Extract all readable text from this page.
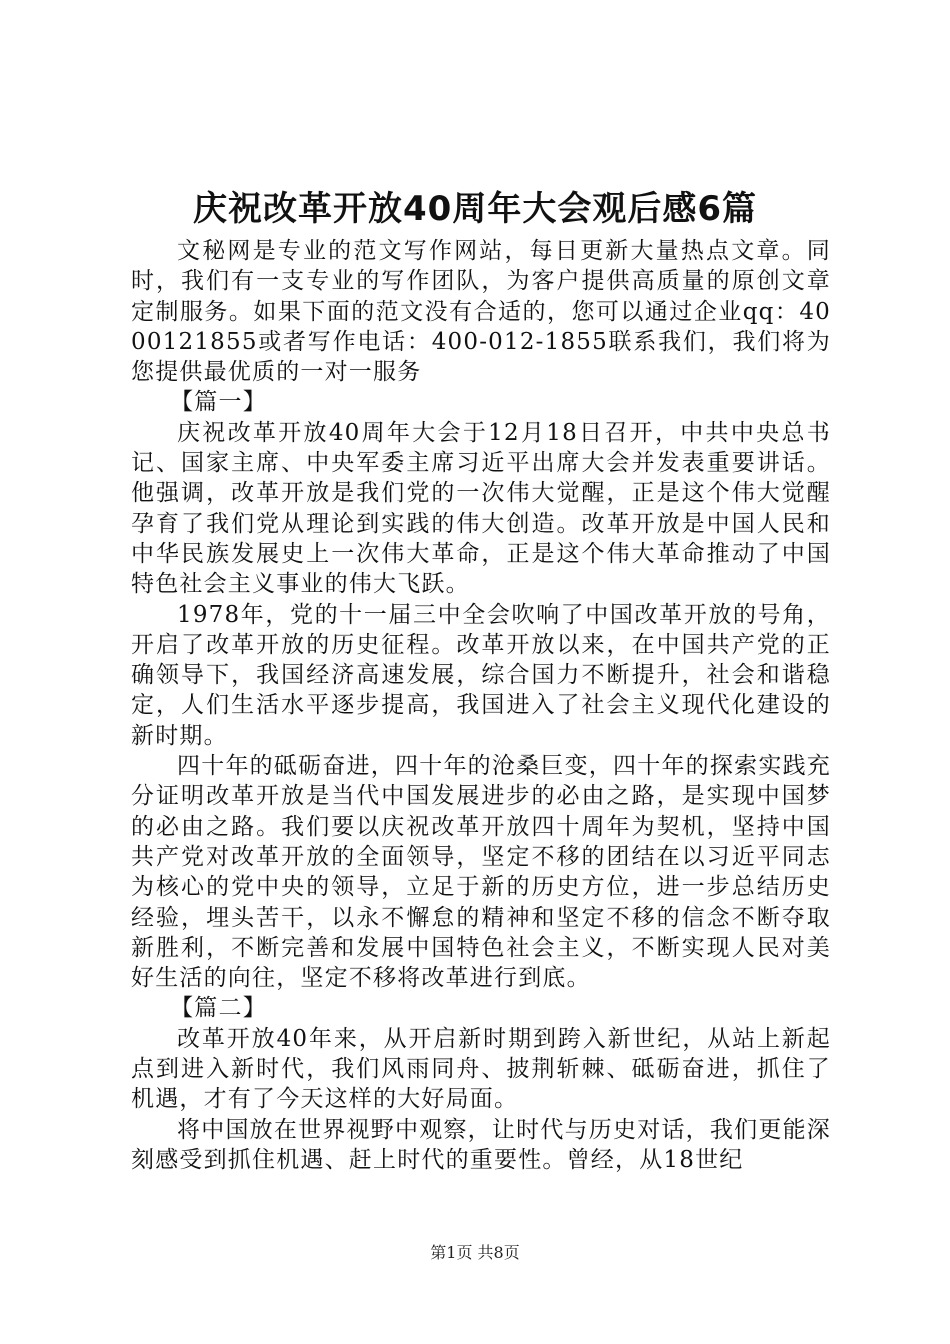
庆祝改革开放40周年大会观后感6篇

文秘网是专业的范文写作网站，每日更新大量热点文章。同时，我们有一支专业的写作团队，为客户提供高质量的原创文章定制服务。如果下面的范文没有合适的，您可以通过企业qq：4000121855或者写作电话：400-012-1855联系我们，我们将为您提供最优质的一对一服务

【篇一】

庆祝改革开放40周年大会于12月18日召开，中共中央总书记、国家主席、中央军委主席习近平出席大会并发表重要讲话。他强调，改革开放是我们党的一次伟大觉醒，正是这个伟大觉醒孕育了我们党从理论到实践的伟大创造。改革开放是中国人民和中华民族发展史上一次伟大革命，正是这个伟大革命推动了中国特色社会主义事业的伟大飞跃。

1978年，党的十一届三中全会吹响了中国改革开放的号角，开启了改革开放的历史征程。改革开放以来，在中国共产党的正确领导下，我国经济高速发展，综合国力不断提升，社会和谐稳定，人们生活水平逐步提高，我国进入了社会主义现代化建设的新时期。

四十年的砥砺奋进，四十年的沧桑巨变，四十年的探索实践充分证明改革开放是当代中国发展进步的必由之路，是实现中国梦的必由之路。我们要以庆祝改革开放四十周年为契机，坚持中国共产党对改革开放的全面领导，坚定不移的团结在以习近平同志为核心的党中央的领导，立足于新的历史方位，进一步总结历史经验，埋头苦干，以永不懈怠的精神和坚定不移的信念不断夺取新胜利，不断完善和发展中国特色社会主义，不断实现人民对美好生活的向往，坚定不移将改革进行到底。

【篇二】

改革开放40年来，从开启新时期到跨入新世纪，从站上新起点到进入新时代，我们风雨同舟、披荆斩棘、砥砺奋进，抓住了机遇，才有了今天这样的大好局面。

将中国放在世界视野中观察，让时代与历史对话，我们更能深刻感受到抓住机遇、赶上时代的重要性。曾经，从18世纪

第1页 共8页
